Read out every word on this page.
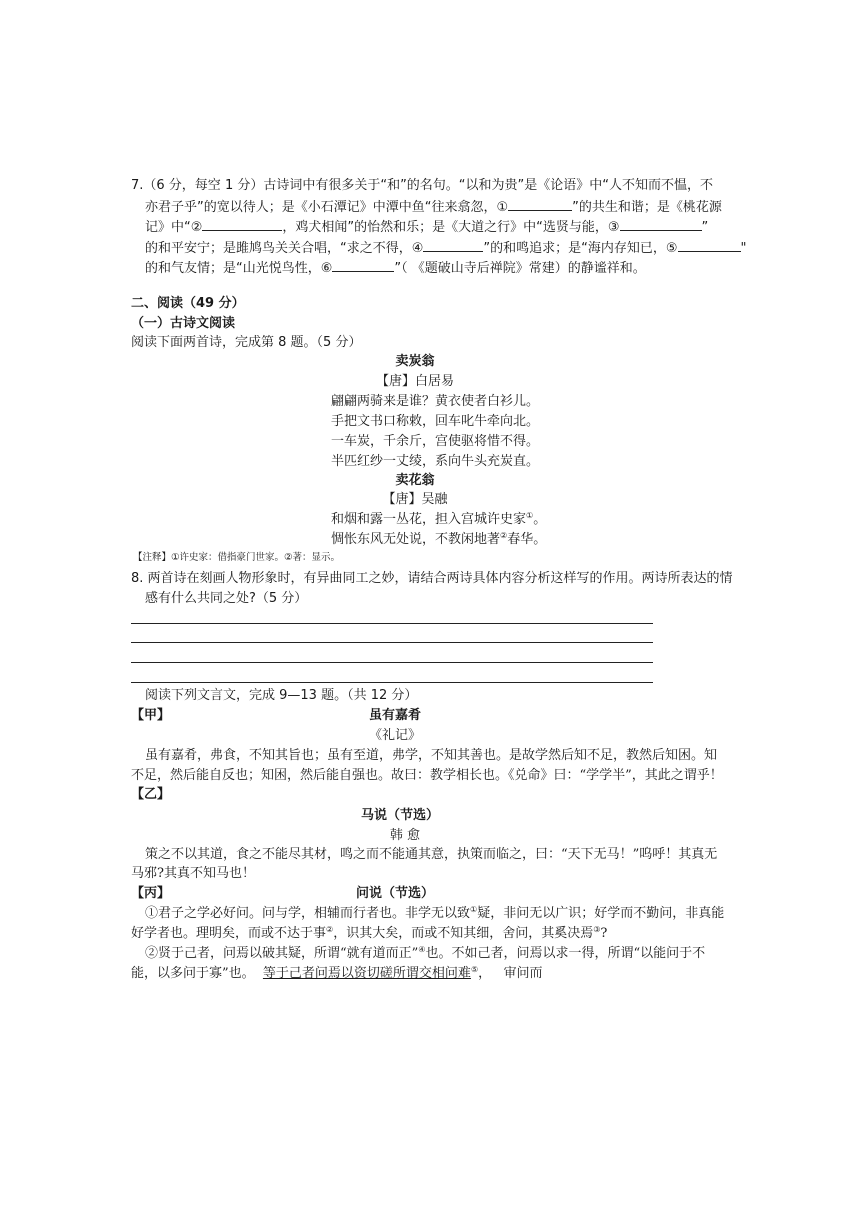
7.（6 分，每空 1 分）古诗词中有很多关于“和”的名句。“以和为贵”是《论语》中“人不知而不愠，不
亦君子乎”的宽以待人；是《小石潭记》中潭中鱼“往来翕忽，①	”的共生和谐；是《桃花源
记》中“②	，鸡犬相闻”的怡然和乐；是《大道之行》中“选贤与能，③	”
的和平安宁；是雎鸠鸟关关合唱，“求之不得，④	”的和鸣追求；是“海内存知已，⑤	"
的和气友情；是“山光悦鸟性，⑥	”（ 《题破山寺后禅院》常建）的静谧祥和。
二、阅读（49 分）
（一）古诗文阅读
阅读下面两首诗，完成第 8 题。（5 分）
卖炭翁
【唐】白居易
翩翩两骑来是谁？黄衣使者白衫儿。
手把文书口称敕，回车叱牛牵向北。
一车炭，千余斤，宫使驱将惜不得。
半匹红纱一丈绫，系向牛头充炭直。
卖花翁
【唐】吴融
和烟和露一丛花，担入宫城许史家①。
惆怅东风无处说，不教闲地著②春华。
【注释】①许史家：借指豪门世家。②著：显示。
8. 两首诗在刻画人物形象时，有异曲同工之妙，请结合两诗具体内容分析这样写的作用。两诗所表达的情
感有什么共同之处?（5 分）
阅读下列文言文，完成 9—13 题。（共 12 分）
【甲】	虽有嘉肴
《礼记》
虽有嘉肴，弗食，不知其旨也；虽有至道，弗学，不知其善也。是故学然后知不足，教然后知困。知
不足，然后能自反也；知困，然后能自强也。故曰：教学相长也。《兑命》曰：“学学半”，其此之谓乎！
【乙】
马说（节选）
韩 愈
策之不以其道，食之不能尽其材，鸣之而不能通其意，执策而临之，曰：“天下无马！”呜呼！其真无
马邪?其真不知马也！
【丙】	问说（节选）
①君子之学必好问。问与学，相辅而行者也。非学无以致①疑，非问无以广识；好学而不勤问，非真能
好学者也。理明矣，而或不达于事②，识其大矣，而或不知其细，舍问，其奚决焉③?
②贤于己者，问焉以破其疑，所谓“就有道而正”④也。不如己者，问焉以求一得，所谓“以能问于不
能，以多问于寡”也。 等于己者问焉以资切磋所谓交相问难⑤， 审问而
